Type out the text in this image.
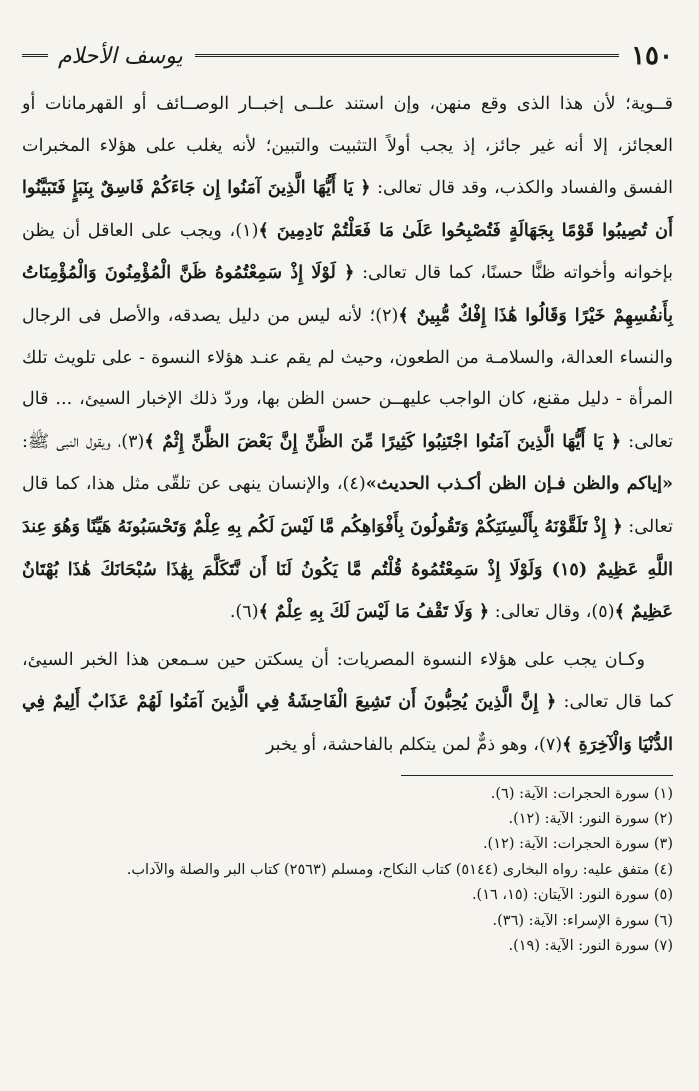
١٥٠
يوسف الأحلام

قــوية؛ لأن هذا الذى وقع منهن، وإن استند علــى إخبــار الوصــائف أو القهرمانات أو العجائز، إلا أنه غير جائز، إذ يجب أولاً التثبيت والتبين؛ لأنه يغلب على هؤلاء المخبرات الفسق والفساد والكذب، وقد قال تعالى: ﴿ يَا أَيُّهَا الَّذِينَ آمَنُوا إِن جَاءَكُمْ فَاسِقٌ بِنَبَإٍ فَتَبَيَّنُوا أَن تُصِيبُوا قَوْمًا بِجَهَالَةٍ فَتُصْبِحُوا عَلَىٰ مَا فَعَلْتُمْ نَادِمِينَ ﴾(١)، ويجب على العاقل أن يظن بإخوانه وأخواته ظنًّا حسنًا، كما قال تعالى: ﴿ لَوْلَا إِذْ سَمِعْتُمُوهُ ظَنَّ الْمُؤْمِنُونَ وَالْمُؤْمِنَاتُ بِأَنفُسِهِمْ خَيْرًا وَقَالُوا هَٰذَا إِفْكٌ مُّبِينٌ ﴾(٢)؛ لأنه ليس من دليل يصدقه، والأصل فى الرجال والنساء العدالة، والسلامـة من الطعون، وحيث لم يقم عنـد هؤلاء النسوة - على تلويث تلك المرأة - دليل مقنع، كان الواجب عليهــن حسن الظن بها، وردّ ذلك الإخبار السيئ، ... قال تعالى: ﴿ يَا أَيُّهَا الَّذِينَ آمَنُوا اجْتَنِبُوا كَثِيرًا مِّنَ الظَّنِّ إِنَّ بَعْضَ الظَّنِّ إِثْمٌ ﴾(٣)، ويقول النبى ﷺ: «إياكم والظن فـإن الظن أكـذب الحديث»(٤)، والإنسان ينهى عن تلقّى مثل هذا، كما قال تعالى: ﴿ إِذْ تَلَقَّوْنَهُ بِأَلْسِنَتِكُمْ وَتَقُولُونَ بِأَفْوَاهِكُم مَّا لَيْسَ لَكُم بِهِ عِلْمٌ وَتَحْسَبُونَهُ هَيِّنًا وَهُوَ عِندَ اللَّهِ عَظِيمٌ (١٥) وَلَوْلَا إِذْ سَمِعْتُمُوهُ قُلْتُم مَّا يَكُونُ لَنَا أَن نَّتَكَلَّمَ بِهَٰذَا سُبْحَانَكَ هَٰذَا بُهْتَانٌ عَظِيمٌ ﴾(٥)، وقال تعالى: ﴿ وَلَا تَقْفُ مَا لَيْسَ لَكَ بِهِ عِلْمٌ ﴾(٦).

وكـان يجب على هؤلاء النسوة المصريات: أن يسكتن حين سـمعن هذا الخبر السيئ، كما قال تعالى: ﴿ إِنَّ الَّذِينَ يُحِبُّونَ أَن تَشِيعَ الْفَاحِشَةُ فِي الَّذِينَ آمَنُوا لَهُمْ عَذَابٌ أَلِيمٌ فِي الدُّنْيَا وَالْآخِرَةِ ﴾(٧)، وهو ذمٌّ لمن يتكلم بالفاحشة، أو يخبر

(١) سورة الحجرات: الآية: (٦).
(٢) سورة النور: الآية: (١٢).
(٣) سورة الحجرات: الآية: (١٢).
(٤) متفق عليه: رواه البخارى (٥١٤٤) كتاب النكاح، ومسلم (٢٥٦٣) كتاب البر والصلة والآداب.
(٥) سورة النور: الآيتان: (١٥، ١٦).
(٦) سورة الإسراء: الآية: (٣٦).
(٧) سورة النور: الآية: (١٩).
